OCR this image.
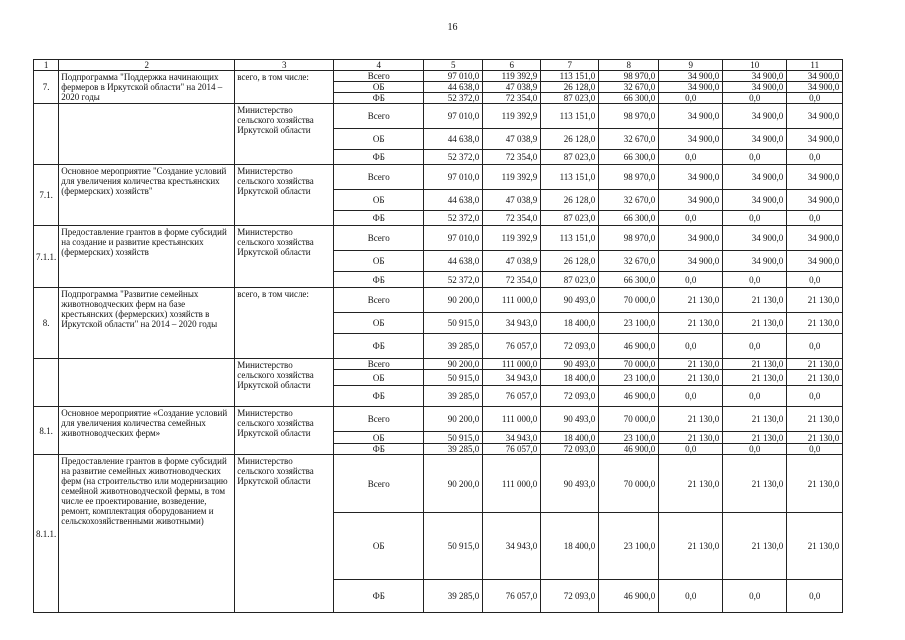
16
1	2	3	4	5	6	7	8	9	10	11
7.	Подпрограмма "Поддержка начинающих фермеров в Иркутской области" на 2014 – 2020 годы	всего, в том числе:	Всего	97 010,0	119 392,9	113 151,0	98 970,0	34 900,0	34 900,0	34 900,0
			ОБ	44 638,0	47 038,9	26 128,0	32 670,0	34 900,0	34 900,0	34 900,0
			ФБ	52 372,0	72 354,0	87 023,0	66 300,0	0,0	0,0	0,0
		Министерство сельского хозяйства Иркутской области	Всего	97 010,0	119 392,9	113 151,0	98 970,0	34 900,0	34 900,0	34 900,0
			ОБ	44 638,0	47 038,9	26 128,0	32 670,0	34 900,0	34 900,0	34 900,0
			ФБ	52 372,0	72 354,0	87 023,0	66 300,0	0,0	0,0	0,0
7.1.	Основное мероприятие "Создание условий для увеличения количества крестьянских (фермерских) хозяйств"	Министерство сельского хозяйства Иркутской области	Всего	97 010,0	119 392,9	113 151,0	98 970,0	34 900,0	34 900,0	34 900,0
			ОБ	44 638,0	47 038,9	26 128,0	32 670,0	34 900,0	34 900,0	34 900,0
			ФБ	52 372,0	72 354,0	87 023,0	66 300,0	0,0	0,0	0,0
7.1.1.	Предоставление грантов в форме субсидий на создание и развитие крестьянских (фермерских) хозяйств	Министерство сельского хозяйства Иркутской области	Всего	97 010,0	119 392,9	113 151,0	98 970,0	34 900,0	34 900,0	34 900,0
			ОБ	44 638,0	47 038,9	26 128,0	32 670,0	34 900,0	34 900,0	34 900,0
			ФБ	52 372,0	72 354,0	87 023,0	66 300,0	0,0	0,0	0,0
8.	Подпрограмма "Развитие семейных животноводческих ферм на базе крестьянских (фермерских) хозяйств в Иркутской области" на 2014 – 2020 годы	всего, в том числе:	Всего	90 200,0	111 000,0	90 493,0	70 000,0	21 130,0	21 130,0	21 130,0
			ОБ	50 915,0	34 943,0	18 400,0	23 100,0	21 130,0	21 130,0	21 130,0
			ФБ	39 285,0	76 057,0	72 093,0	46 900,0	0,0	0,0	0,0
		Министерство сельского хозяйства Иркутской области	Всего	90 200,0	111 000,0	90 493,0	70 000,0	21 130,0	21 130,0	21 130,0
			ОБ	50 915,0	34 943,0	18 400,0	23 100,0	21 130,0	21 130,0	21 130,0
			ФБ	39 285,0	76 057,0	72 093,0	46 900,0	0,0	0,0	0,0
8.1.	Основное мероприятие «Создание условий для увеличения количества семейных животноводческих ферм»	Министерство сельского хозяйства Иркутской области	Всего	90 200,0	111 000,0	90 493,0	70 000,0	21 130,0	21 130,0	21 130,0
			ОБ	50 915,0	34 943,0	18 400,0	23 100,0	21 130,0	21 130,0	21 130,0
			ФБ	39 285,0	76 057,0	72 093,0	46 900,0	0,0	0,0	0,0
8.1.1.	Предоставление грантов в форме субсидий на развитие семейных животноводческих ферм (на строительство или модернизацию семейной животноводческой фермы, в том числе ее проектирование, возведение, ремонт, комплектация оборудованием и сельскохозяйственными животными)	Министерство сельского хозяйства Иркутской области	Всего	90 200,0	111 000,0	90 493,0	70 000,0	21 130,0	21 130,0	21 130,0
			ОБ	50 915,0	34 943,0	18 400,0	23 100,0	21 130,0	21 130,0	21 130,0
			ФБ	39 285,0	76 057,0	72 093,0	46 900,0	0,0	0,0	0,0
